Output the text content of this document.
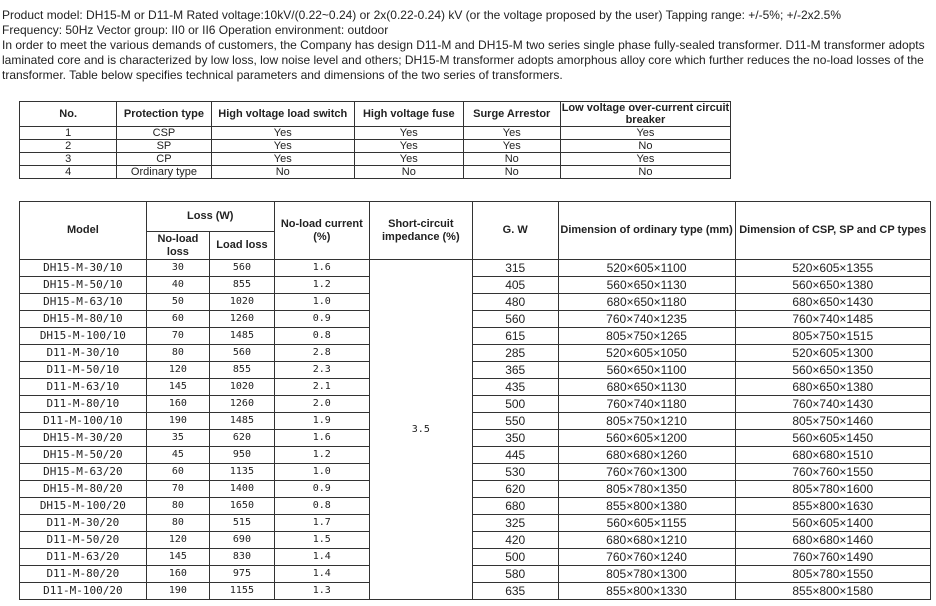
Product model: DH15-M or D11-M Rated voltage:10kV/(0.22~0.24) or 2x(0.22-0.24) kV (or the voltage proposed by the user) Tapping range: +/-5%; +/-2x2.5%

Frequency: 50Hz Vector group: II0 or II6 Operation environment: outdoor

In order to meet the various demands of customers, the Company has design D11-M and DH15-M two series single phase fully-sealed transformer. D11-M transformer adopts laminated core and is characterized by low loss, low noise level and others; DH15-M transformer adopts amorphous alloy core which further reduces the no-load losses of the transformer. Table below specifies technical parameters and dimensions of the two series of transformers.

No.	Protection type	High voltage load switch	High voltage fuse	Surge Arrestor	Low voltage over-current circuit breaker
1	CSP	Yes	Yes	Yes	Yes
2	SP	Yes	Yes	Yes	No
3	CP	Yes	Yes	No	Yes
4	Ordinary type	No	No	No	No
Model	Loss (W)		No-load current (%)	Short-circuit impedance (%)	G. W	Dimension of ordinary type (mm)	Dimension of CSP, SP and CP types
	No-load loss	Load loss					
DH15-M-30/10	30	560	1.6	3.5	315	520×605×1100	520×605×1355
DH15-M-50/10	40	855	1.2		405	560×650×1130	560×650×1380
DH15-M-63/10	50	1020	1.0		480	680×650×1180	680×650×1430
DH15-M-80/10	60	1260	0.9		560	760×740×1235	760×740×1485
DH15-M-100/10	70	1485	0.8		615	805×750×1265	805×750×1515
D11-M-30/10	80	560	2.8		285	520×605×1050	520×605×1300
D11-M-50/10	120	855	2.3		365	560×650×1100	560×650×1350
D11-M-63/10	145	1020	2.1		435	680×650×1130	680×650×1380
D11-M-80/10	160	1260	2.0		500	760×740×1180	760×740×1430
D11-M-100/10	190	1485	1.9		550	805×750×1210	805×750×1460
DH15-M-30/20	35	620	1.6		350	560×605×1200	560×605×1450
DH15-M-50/20	45	950	1.2		445	680×680×1260	680×680×1510
DH15-M-63/20	60	1135	1.0		530	760×760×1300	760×760×1550
DH15-M-80/20	70	1400	0.9		620	805×780×1350	805×780×1600
DH15-M-100/20	80	1650	0.8		680	855×800×1380	855×800×1630
D11-M-30/20	80	515	1.7		325	560×605×1155	560×605×1400
D11-M-50/20	120	690	1.5		420	680×680×1210	680×680×1460
D11-M-63/20	145	830	1.4		500	760×760×1240	760×760×1490
D11-M-80/20	160	975	1.4		580	805×780×1300	805×780×1550
D11-M-100/20	190	1155	1.3		635	855×800×1330	855×800×1580
